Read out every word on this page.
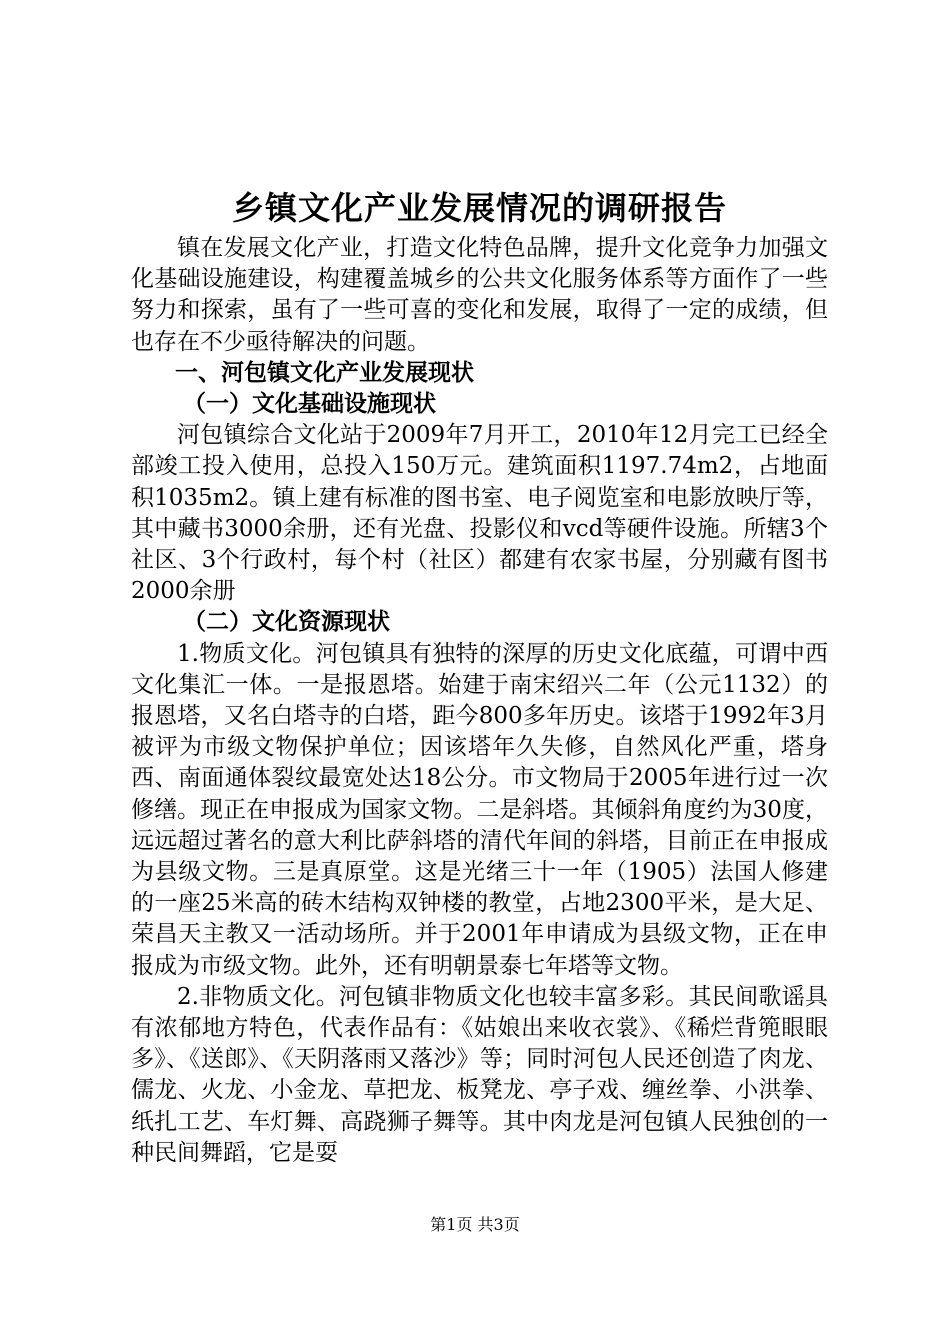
乡镇文化产业发展情况的调研报告

镇在发展文化产业，打造文化特色品牌，提升文化竞争力加强文化基础设施建设，构建覆盖城乡的公共文化服务体系等方面作了一些努力和探索，虽有了一些可喜的变化和发展，取得了一定的成绩，但也存在不少亟待解决的问题。

一、河包镇文化产业发展现状

（一）文化基础设施现状

河包镇综合文化站于2009年7月开工，2010年12月完工已经全部竣工投入使用，总投入150万元。建筑面积1197.74m2，占地面积1035m2。镇上建有标准的图书室、电子阅览室和电影放映厅等，其中藏书3000余册，还有光盘、投影仪和vcd等硬件设施。所辖3个社区、3个行政村，每个村（社区）都建有农家书屋，分别藏有图书2000余册

（二）文化资源现状

1.物质文化。河包镇具有独特的深厚的历史文化底蕴，可谓中西文化集汇一体。一是报恩塔。始建于南宋绍兴二年（公元1132）的报恩塔，又名白塔寺的白塔，距今800多年历史。该塔于1992年3月被评为市级文物保护单位；因该塔年久失修，自然风化严重，塔身西、南面通体裂纹最宽处达18公分。市文物局于2005年进行过一次修缮。现正在申报成为国家文物。二是斜塔。其倾斜角度约为30度，远远超过著名的意大利比萨斜塔的清代年间的斜塔，目前正在申报成为县级文物。三是真原堂。这是光绪三十一年（1905）法国人修建的一座25米高的砖木结构双钟楼的教堂，占地2300平米，是大足、荣昌天主教又一活动场所。并于2001年申请成为县级文物，正在申报成为市级文物。此外，还有明朝景泰七年塔等文物。

2.非物质文化。河包镇非物质文化也较丰富多彩。其民间歌谣具有浓郁地方特色，代表作品有：《姑娘出来收衣裳》、《稀烂背篼眼眼多》、《送郎》、《天阴落雨又落沙》等；同时河包人民还创造了肉龙、儒龙、火龙、小金龙、草把龙、板凳龙、亭子戏、缠丝拳、小洪拳、纸扎工艺、车灯舞、高跷狮子舞等。其中肉龙是河包镇人民独创的一种民间舞蹈，它是耍

第1页 共3页
